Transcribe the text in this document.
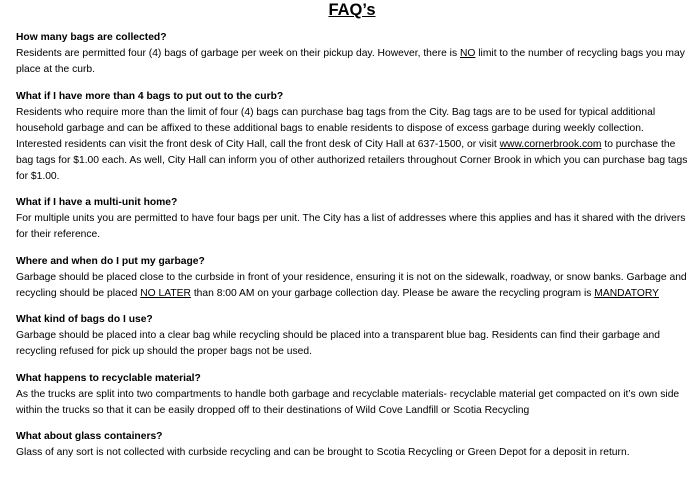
FAQ’s

How many bags are collected?

Residents are permitted four (4) bags of garbage per week on their pickup day. However, there is NO limit to the number of recycling bags you may place at the curb.

What if I have more than 4 bags to put out to the curb?

Residents who require more than the limit of four (4) bags can purchase bag tags from the City. Bag tags are to be used for typical additional household garbage and can be affixed to these additional bags to enable residents to dispose of excess garbage during weekly collection. Interested residents can visit the front desk of City Hall, call the front desk of City Hall at 637-1500, or visit www.cornerbrook.com to purchase the bag tags for $1.00 each. As well, City Hall can inform you of other authorized retailers throughout Corner Brook in which you can purchase bag tags for $1.00.

What if I have a multi-unit home?

For multiple units you are permitted to have four bags per unit. The City has a list of addresses where this applies and has it shared with the drivers for their reference.

Where and when do I put my garbage?

Garbage should be placed close to the curbside in front of your residence, ensuring it is not on the sidewalk, roadway, or snow banks. Garbage and recycling should be placed NO LATER than 8:00 AM on your garbage collection day. Please be aware the recycling program is MANDATORY

What kind of bags do I use?

Garbage should be placed into a clear bag while recycling should be placed into a transparent blue bag. Residents can find their garbage and recycling refused for pick up should the proper bags not be used.

What happens to recyclable material?

As the trucks are split into two compartments to handle both garbage and recyclable materials- recyclable material get compacted on it’s own side within the trucks so that it can be easily dropped off to their destinations of Wild Cove Landfill or Scotia Recycling

What about glass containers?

Glass of any sort is not collected with curbside recycling and can be brought to Scotia Recycling or Green Depot for a deposit in return.
